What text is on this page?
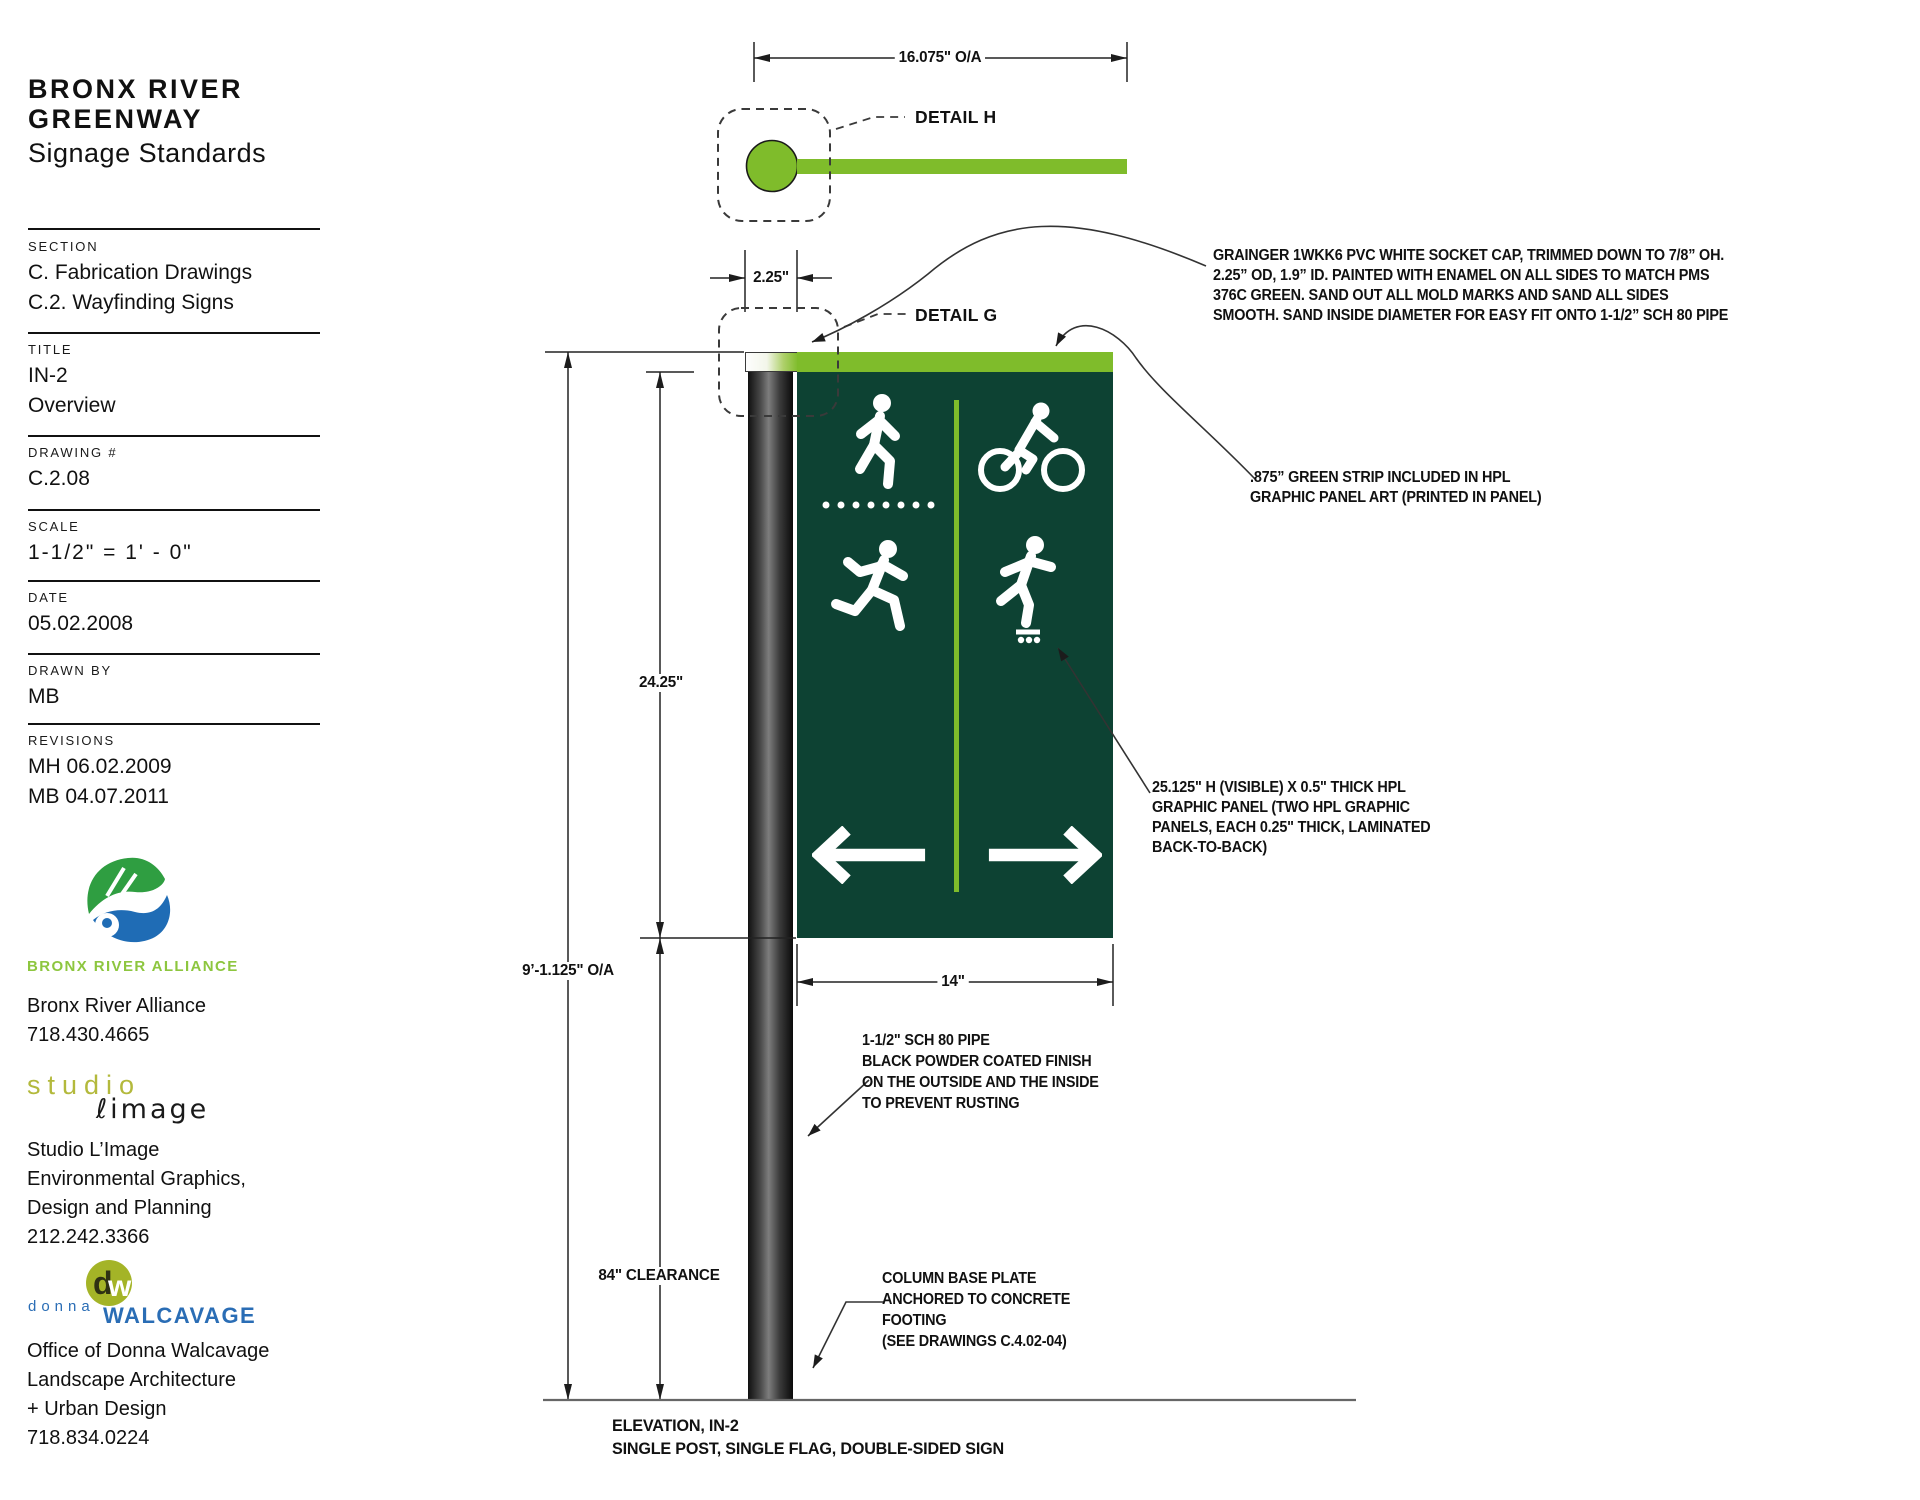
BRONX RIVER
GREENWAY
Signage Standards
SECTION
C. Fabrication Drawings
C.2. Wayfinding Signs
TITLE
IN-2
Overview
DRAWING #
C.2.08
SCALE
1-1/2" = 1' - 0"
DATE
05.02.2008
DRAWN BY
MB
REVISIONS
MH 06.02.2009
MB 04.07.2011
BRONX RIVER ALLIANCE
Bronx River Alliance
718.430.4665
studio
ℓimage
Studio L’Image
Environmental Graphics,
Design and Planning
212.242.3366
d
w
donna WALCAVAGE
Office of Donna Walcavage
Landscape Architecture
+ Urban Design
718.834.0224
16.075" O/A
DETAIL H
2.25"
DETAIL G
GRAINGER 1WKK6 PVC WHITE SOCKET CAP, TRIMMED DOWN TO 7/8” OH.
2.25” OD, 1.9” ID. PAINTED WITH ENAMEL ON ALL SIDES TO MATCH PMS
376C GREEN. SAND OUT ALL MOLD MARKS AND SAND ALL SIDES
SMOOTH. SAND INSIDE DIAMETER FOR EASY FIT ONTO 1-1/2” SCH 80 PIPE
.875” GREEN STRIP INCLUDED IN HPL
GRAPHIC PANEL ART (PRINTED IN PANEL)
25.125" H (VISIBLE) X 0.5" THICK HPL
GRAPHIC PANEL (TWO HPL GRAPHIC
PANELS, EACH 0.25" THICK, LAMINATED
BACK-TO-BACK)
24.25"
9’-1.125" O/A
14"
84" CLEARANCE
1-1/2" SCH 80 PIPE
BLACK POWDER COATED FINISH
ON THE OUTSIDE AND THE INSIDE
TO PREVENT RUSTING
COLUMN BASE PLATE
ANCHORED TO CONCRETE
FOOTING
(SEE DRAWINGS C.4.02-04)
ELEVATION, IN-2
SINGLE POST, SINGLE FLAG, DOUBLE-SIDED SIGN
